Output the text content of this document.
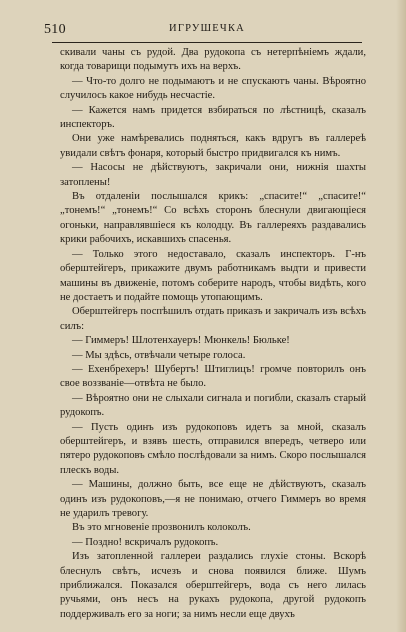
510	ИГРУШЕЧКА

скивали чаны съ рудой. Два рудокопа съ нетерпѣніемъ ждали, когда товарищи подымутъ ихъ на верхъ.

— Что-то долго не подымаютъ и не спускаютъ чаны. Вѣроятно случилось какое нибудь несчастіе.

— Кажется намъ придется взбираться по лѣстницѣ, сказалъ инспекторъ.

Они уже намѣревались подняться, какъ вдругъ въ галлереѣ увидали свѣтъ фонаря, который быстро придвигался къ нимъ.

— Насосы не дѣйствуютъ, закричали они, нижнія шахты затоплены!

Въ отдаленіи послышался крикъ: „спасите!“ „спасите!“ „тонемъ!“ „тонемъ!“ Со всѣхъ сторонъ блеснули двигающіеся огоньки, направлявшіеся къ колодцу. Въ галлереяхъ раздавались крики рабочихъ, искавшихъ спасенья.

— Только этого недоставало, сказалъ инспекторъ. Г-нъ оберштейгеръ, прикажите двумъ работникамъ выдти и привести машины въ движеніе, потомъ соберите народъ, чтобы видѣть, кого не достаетъ и подайте помощь утопающимъ.

Оберштейгеръ поспѣшилъ отдать приказъ и закричалъ изъ всѣхъ силъ:

— Гиммеръ! Шлотенхауеръ! Мюнкель! Бюльке!

— Мы здѣсь, отвѣчали четыре голоса.

— Ехенбрехеръ! Шубертъ! Штиглицъ! громче повторилъ онъ свое воззваніе—отвѣта не было.

— Вѣроятно они не слыхали сигнала и погибли, сказалъ старый рудокопъ.

— Пусть одинъ изъ рудокоповъ идетъ за мной, сказалъ оберштейгеръ, и взявъ шесть, отправился впередъ, четверо или пятеро рудокоповъ смѣло послѣдовали за нимъ. Скоро послышался плескъ воды.

— Машины, должно быть, все еще не дѣйствуютъ, сказалъ одинъ изъ рудокоповъ,—я не понимаю, отчего Гиммеръ во время не ударилъ тревогу.

Въ это мгновеніе прозвонилъ колоколъ.

— Поздно! вскричалъ рудокопъ.

Изъ затопленной галлереи раздались глухіе стоны. Вскорѣ блеснулъ свѣтъ, исчезъ и снова появился ближе. Шумъ приближался. Показался оберштейгеръ, вода съ него лилась ручьями, онъ несъ на рукахъ рудокопа, другой рудокопъ поддерживалъ его за ноги; за нимъ несли еще двухъ
